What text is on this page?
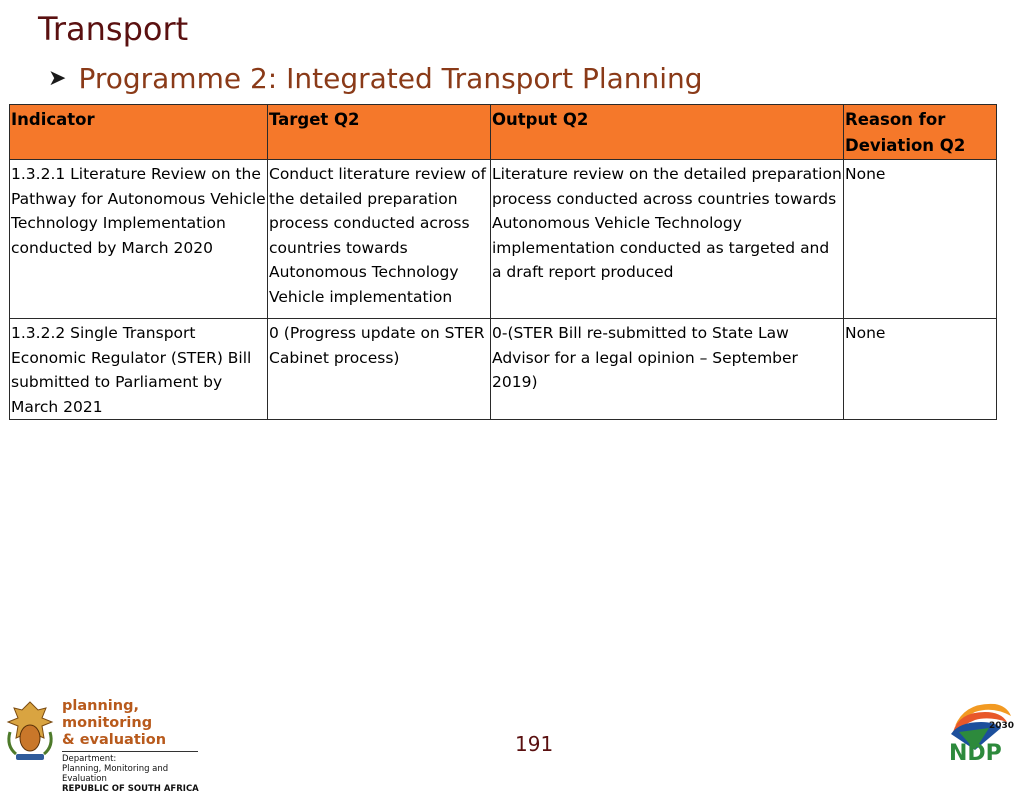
Transport
➤ Programme 2: Integrated Transport Planning
Indicator	Target Q2	Output Q2	Reason for Deviation Q2
1.3.2.1 Literature Review on the Pathway for Autonomous Vehicle Technology Implementation conducted by March 2020	Conduct literature review of the detailed preparation process conducted across countries towards Autonomous Technology Vehicle implementation	Literature review on the detailed preparation process conducted across countries towards Autonomous Vehicle Technology implementation conducted as targeted and a draft report produced	None
1.3.2.2 Single Transport Economic Regulator (STER) Bill submitted to Parliament by March 2021	0 (Progress update on STER Cabinet process)	0-(STER Bill re-submitted to State Law Advisor for a legal opinion – September 2019)	None
planning, monitoring
& evaluation
Department:
Planning, Monitoring and Evaluation
REPUBLIC OF SOUTH AFRICA
191
2030
NDP
